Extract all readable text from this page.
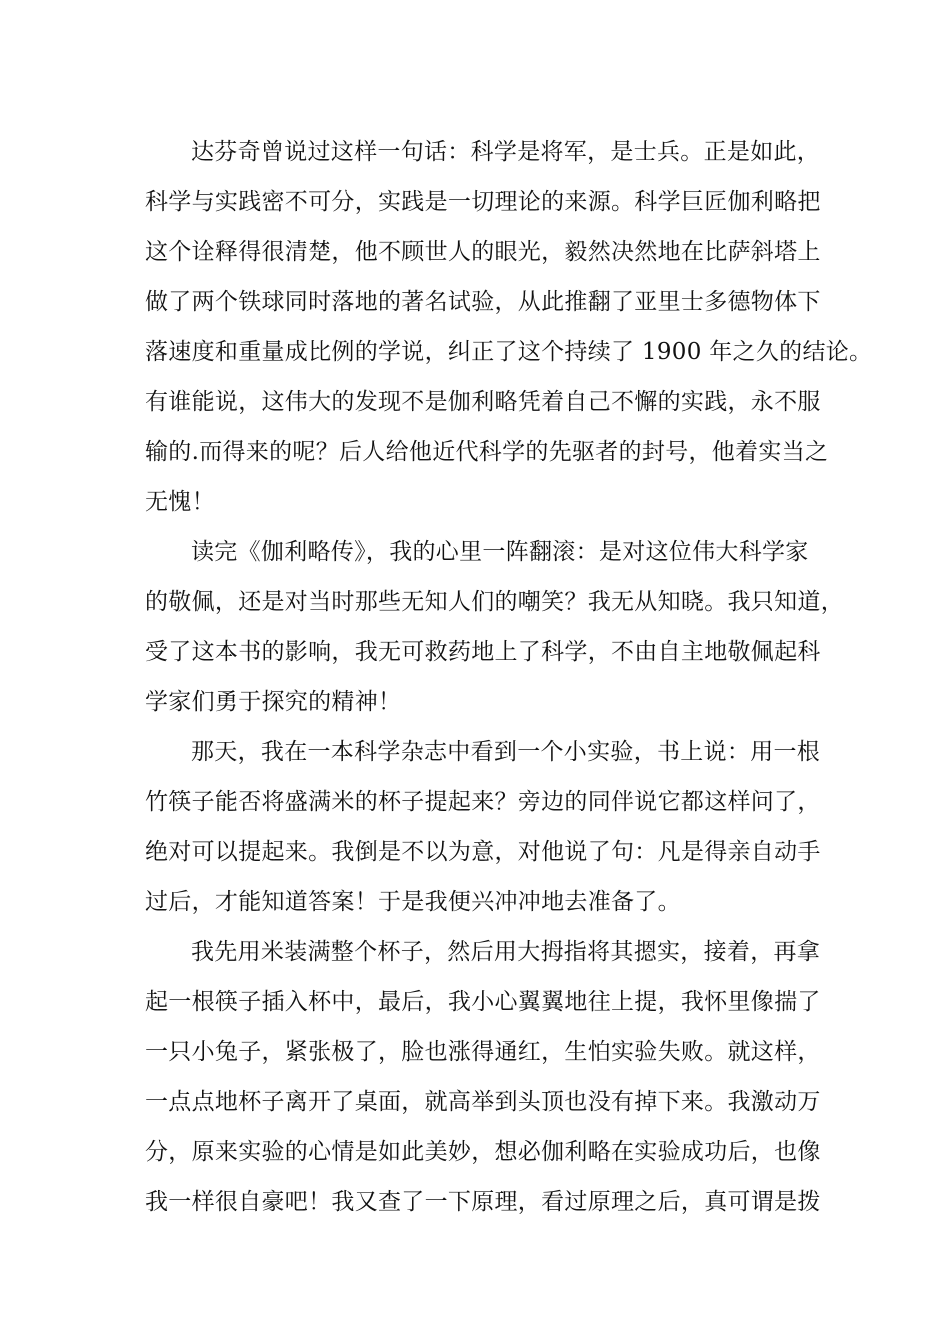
达芬奇曾说过这样一句话：科学是将军，是士兵。正是如此，
科学与实践密不可分，实践是一切理论的来源。科学巨匠伽利略把
这个诠释得很清楚，他不顾世人的眼光，毅然决然地在比萨斜塔上
做了两个铁球同时落地的著名试验，从此推翻了亚里士多德物体下
落速度和重量成比例的学说，纠正了这个持续了 1900 年之久的结论。
有谁能说，这伟大的发现不是伽利略凭着自己不懈的实践，永不服
输的.而得来的呢？后人给他近代科学的先驱者的封号，他着实当之
无愧！
读完《伽利略传》，我的心里一阵翻滚：是对这位伟大科学家
的敬佩，还是对当时那些无知人们的嘲笑？我无从知晓。我只知道，
受了这本书的影响，我无可救药地上了科学，不由自主地敬佩起科
学家们勇于探究的精神！
那天，我在一本科学杂志中看到一个小实验，书上说：用一根
竹筷子能否将盛满米的杯子提起来？旁边的同伴说它都这样问了，
绝对可以提起来。我倒是不以为意，对他说了句：凡是得亲自动手
过后，才能知道答案！于是我便兴冲冲地去准备了。
我先用米装满整个杯子，然后用大拇指将其摁实，接着，再拿
起一根筷子插入杯中，最后，我小心翼翼地往上提，我怀里像揣了
一只小兔子，紧张极了，脸也涨得通红，生怕实验失败。就这样，
一点点地杯子离开了桌面，就高举到头顶也没有掉下来。我激动万
分，原来实验的心情是如此美妙，想必伽利略在实验成功后，也像
我一样很自豪吧！我又查了一下原理，看过原理之后，真可谓是拨
